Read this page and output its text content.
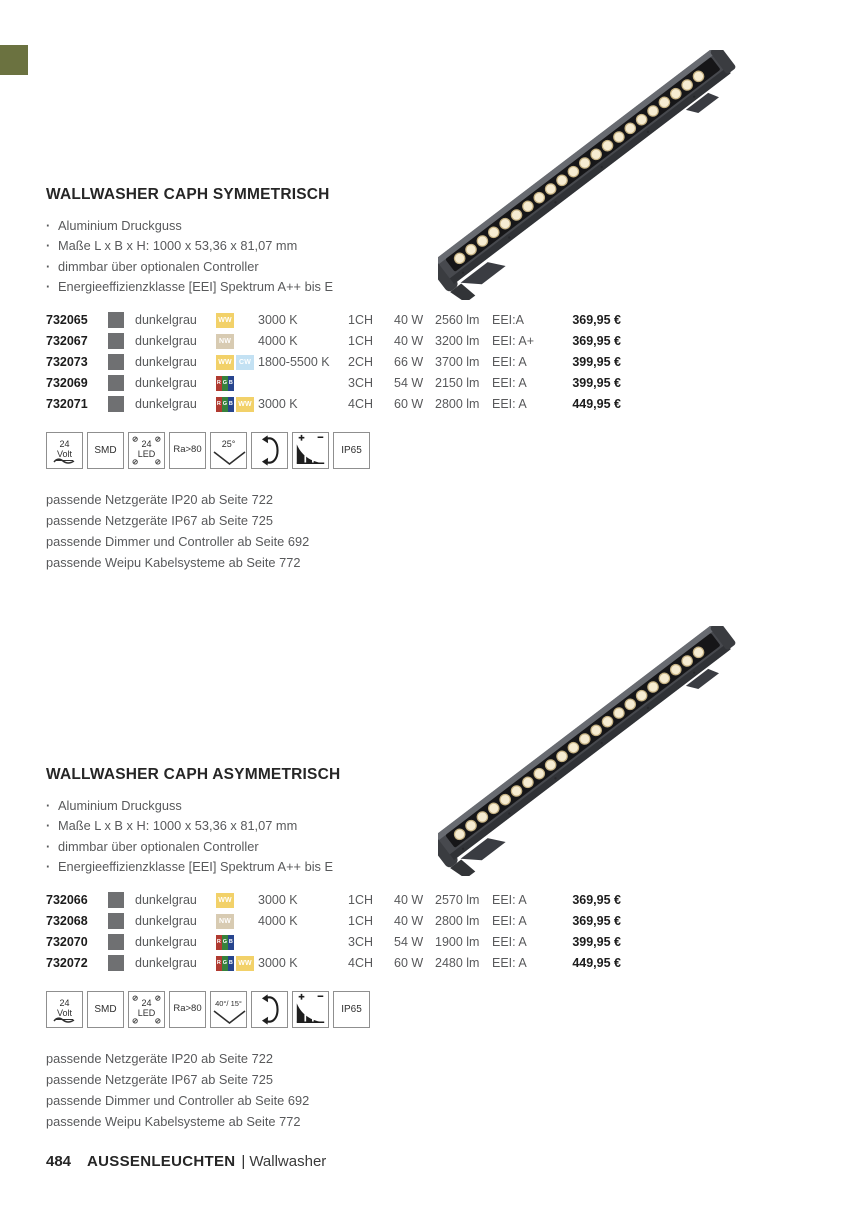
WALLWASHER CAPH SYMMETRISCH
· Aluminium Druckguss
· Maße L x B x H: 1000 x 53,36 x 81,07 mm
· dimmbar über optionalen Controller
· Energieeffizienzklasse [EEI] Spektrum A++ bis E
732065	dunkelgrau	WW 3000 K	1CH	40 W 2560 lm	EEI:A	369,95 €
732067	dunkelgrau	NW 4000 K	1CH	40 W 3200 lm	EEI: A+	369,95 €
732073	dunkelgrau	WW	CW 1800-5500 K	2CH	66 W 3700 lm	EEI: A	399,95 €
732069	dunkelgrau	R G B	3CH	54 W 2150 lm	EEI: A	399,95 €
732071	dunkelgrau	R G B WW 3000 K	4CH	60 W 2800 lm	EEI: A	449,95 €
24
Volt SMD
24
LED Ra>80 25°
IP65
passende Netzgeräte IP20 ab Seite 722
passende Netzgeräte IP67 ab Seite 725
passende Dimmer und Controller ab Seite 692
passende Weipu Kabelsysteme ab Seite 772
WALLWASHER CAPH ASYMMETRISCH
· Aluminium Druckguss
· Maße L x B x H: 1000 x 53,36 x 81,07 mm
· dimmbar über optionalen Controller
· Energieeffizienzklasse [EEI] Spektrum A++ bis E
732066	dunkelgrau	WW 3000 K	1CH	40 W 2570 lm	EEI: A	369,95 €
732068	dunkelgrau	NW 4000 K	1CH	40 W 2800 lm	EEI: A	369,95 €
732070	dunkelgrau	R G B	3CH	54 W 1900 lm	EEI: A	399,95 €
732072	dunkelgrau	R G B WW 3000 K	4CH	60 W 2480 lm	EEI: A	449,95 €
24
Volt SMD
24
LED Ra>80 40°/ 15°
IP65
passende Netzgeräte IP20 ab Seite 722
passende Netzgeräte IP67 ab Seite 725
passende Dimmer und Controller ab Seite 692
passende Weipu Kabelsysteme ab Seite 772
484 AUSSENLEUCHTEN | Wallwasher
